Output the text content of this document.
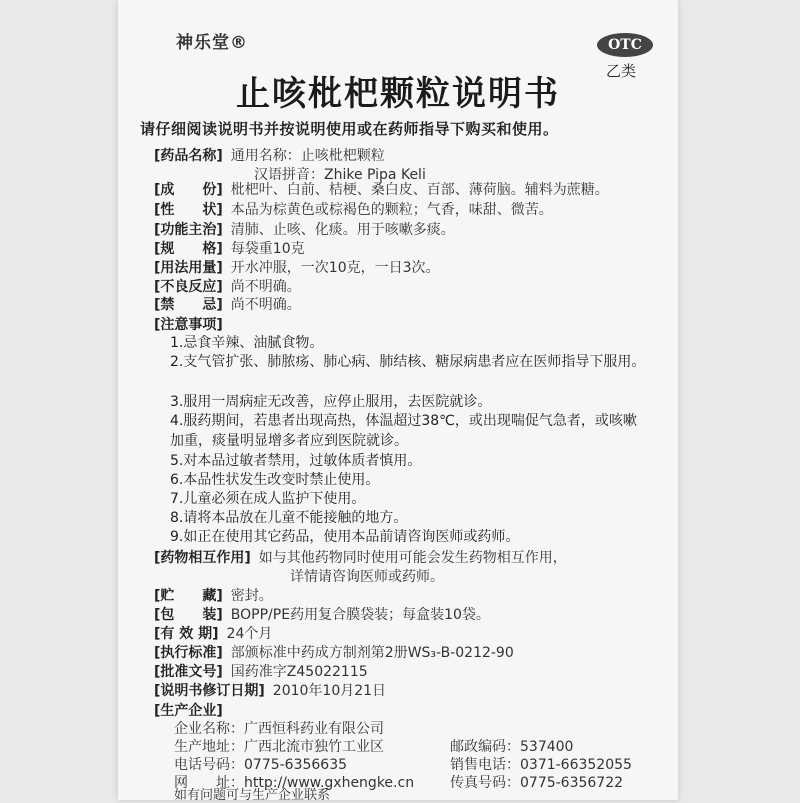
神乐堂®	OTC
乙类
止咳枇杷颗粒说明书
请仔细阅读说明书并按说明使用或在药师指导下购买和使用。
[药品名称] 通用名称：止咳枇杷颗粒
汉语拼音：Zhike Pipa Keli
[成　　份] 枇杷叶、白前、桔梗、桑白皮、百部、薄荷脑。辅料为蔗糖。
[性　　状] 本品为棕黄色或棕褐色的颗粒；气香，味甜、微苦。
[功能主治] 清肺、止咳、化痰。用于咳嗽多痰。
[规　　格] 每袋重10克
[用法用量] 开水冲服，一次10克，一日3次。
[不良反应] 尚不明确。
[禁　　忌] 尚不明确。
[注意事项]
1.忌食辛辣、油腻食物。
2.支气管扩张、肺脓疡、肺心病、肺结核、糖尿病患者应在医师指导下服用。
3.服用一周病症无改善，应停止服用，去医院就诊。
4.服药期间，若患者出现高热，体温超过38℃，或出现喘促气急者，或咳嗽加重，痰量明显增多者应到医院就诊。
5.对本品过敏者禁用，过敏体质者慎用。
6.本品性状发生改变时禁止使用。
7.儿童必须在成人监护下使用。
8.请将本品放在儿童不能接触的地方。
9.如正在使用其它药品，使用本品前请咨询医师或药师。
[药物相互作用] 如与其他药物同时使用可能会发生药物相互作用，
详情请咨询医师或药师。
[贮　　藏] 密封。
[包　　装] BOPP/PE药用复合膜袋装；每盒装10袋。
[有 效 期] 24个月
[执行标准] 部颁标准中药成方制剂第2册WS₃-B-0212-90
[批准文号] 国药准字Z45022115
[说明书修订日期] 2010年10月21日
[生产企业]
企业名称：广西恒科药业有限公司
生产地址：广西北流市独竹工业区	邮政编码：537400
电话号码：0775-6356635	销售电话：0371-66352055
网　　址：http://www.gxhengke.cn	传真号码：0775-6356722
如有问题可与生产企业联系
